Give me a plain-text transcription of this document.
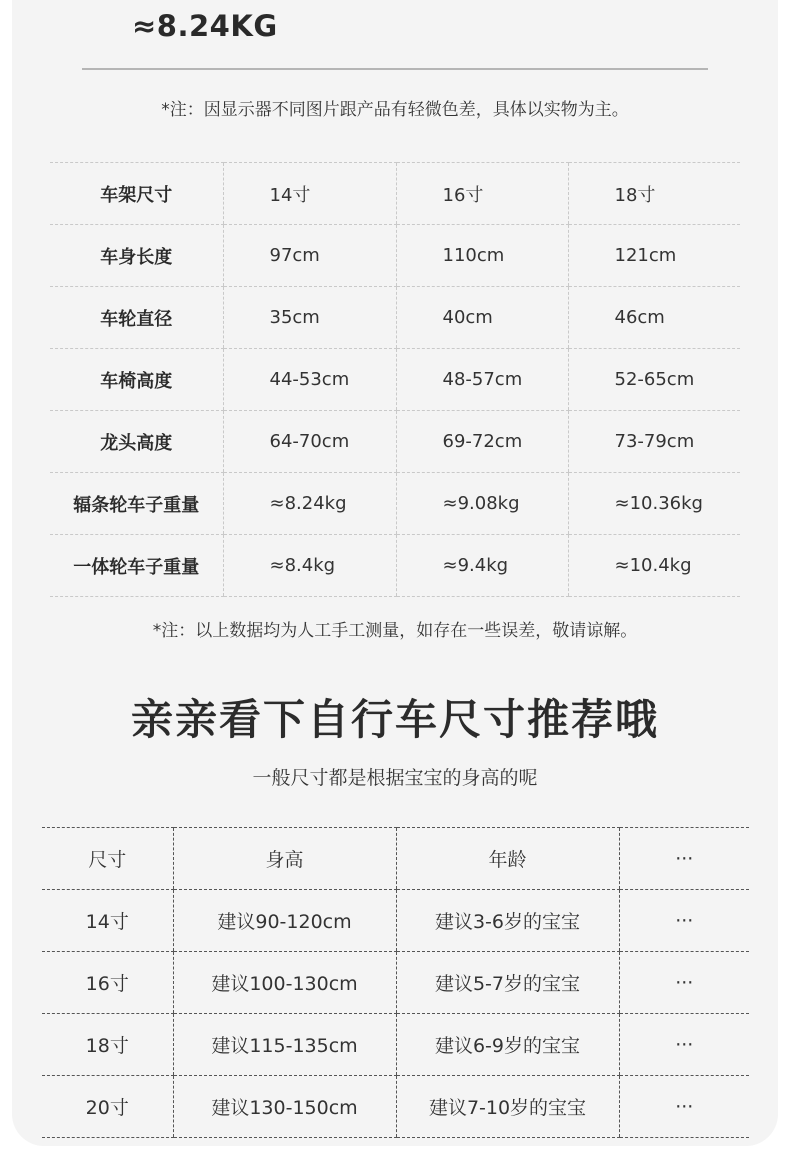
≈8.24KG
*注：因显示器不同图片跟产品有轻微色差，具体以实物为主。
车架尺寸	14寸	16寸	18寸
车身长度	97cm	110cm	121cm
车轮直径	35cm	40cm	46cm
车椅高度	44-53cm	48-57cm	52-65cm
龙头高度	64-70cm	69-72cm	73-79cm
辐条轮车子重量	≈8.24kg	≈9.08kg	≈10.36kg
一体轮车子重量	≈8.4kg	≈9.4kg	≈10.4kg
*注：以上数据均为人工手工测量，如存在一些误差，敬请谅解。
亲亲看下自行车尺寸推荐哦
一般尺寸都是根据宝宝的身高的呢
尺寸	身高	年龄	···
14寸	建议90-120cm	建议3-6岁的宝宝	···
16寸	建议100-130cm	建议5-7岁的宝宝	···
18寸	建议115-135cm	建议6-9岁的宝宝	···
20寸	建议130-150cm	建议7-10岁的宝宝	···
